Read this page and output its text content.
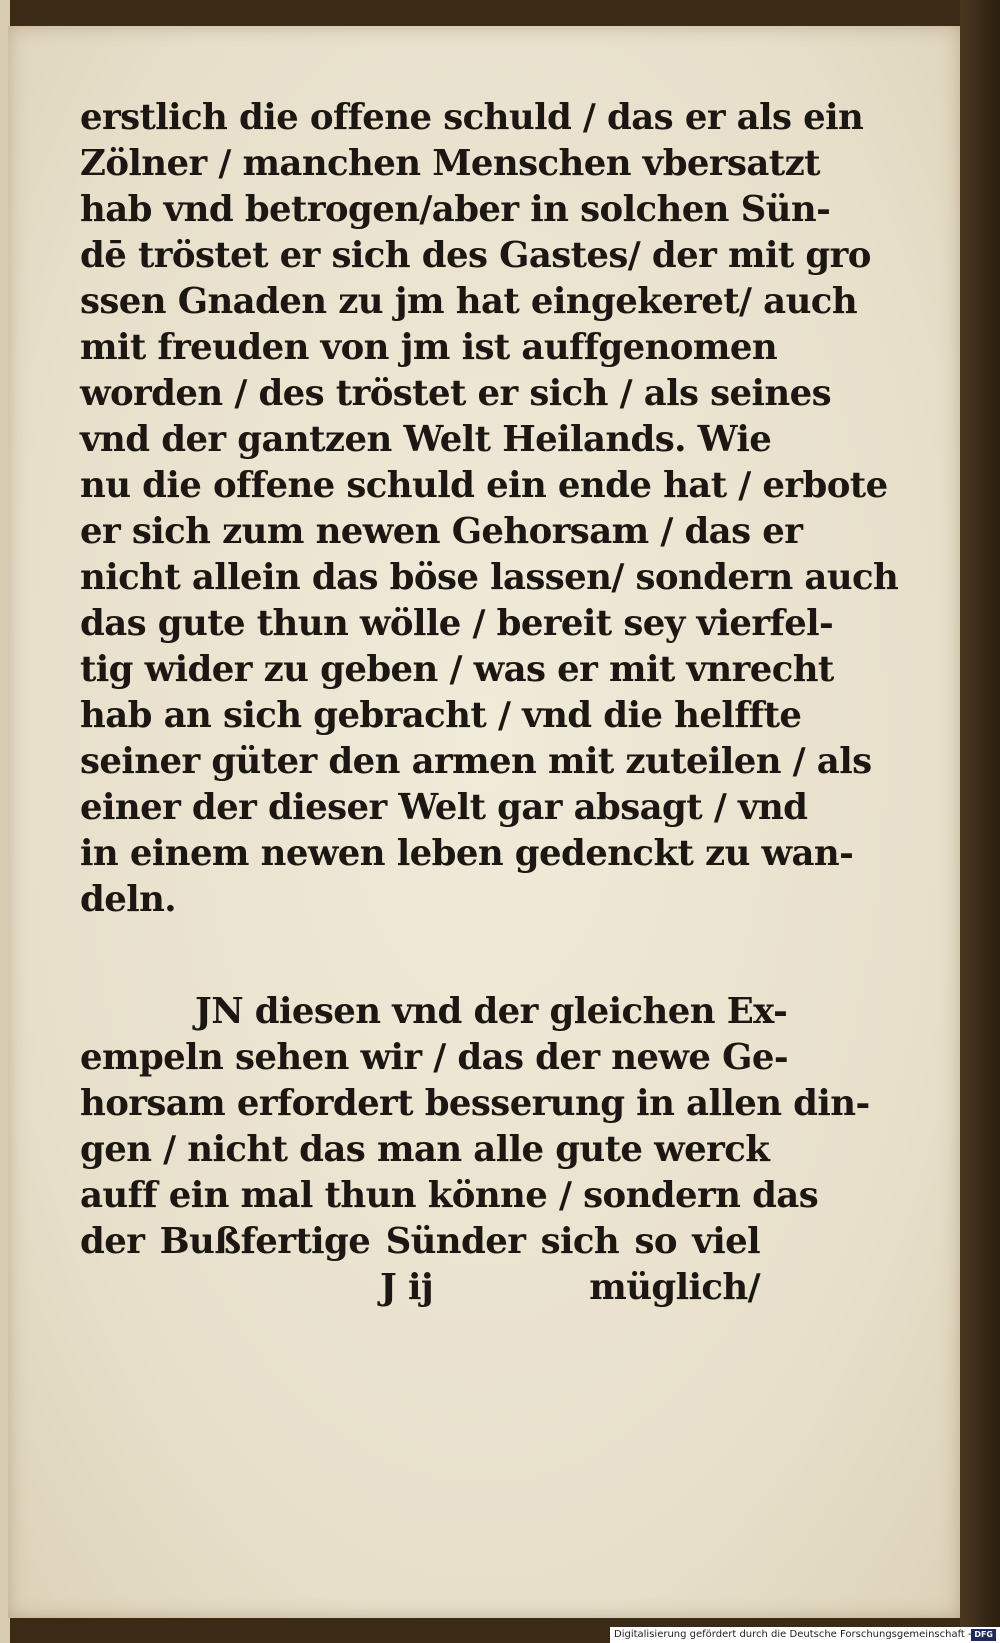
erstlich die offene schuld / das er als ein
Zölner / manchen Menschen vbersatzt
hab vnd betrogen/aber in solchen Sün-
dē tröstet er sich des Gastes/ der mit gro
ssen Gnaden zu jm hat eingekeret/ auch
mit freuden von jm ist auffgenomen
worden / des tröstet er sich / als seines
vnd der gantzen Welt Heilands. Wie
nu die offene schuld ein ende hat / erbote
er sich zum newen Gehorsam / das er
nicht allein das böse lassen/ sondern auch
das gute thun wölle / bereit sey vierfel-
tig wider zu geben / was er mit vnrecht
hab an sich gebracht / vnd die helffte
seiner güter den armen mit zuteilen / als
einer der dieser Welt gar absagt / vnd
in einem newen leben gedenckt zu wan-
deln.
JN diesen vnd der gleichen Ex-
empeln sehen wir / das der newe Ge-
horsam erfordert besserung in allen din-
gen / nicht das man alle gute werck
auff ein mal thun könne / sondern das
der Bußfertige Sünder sich so viel
J ij	müglich/
Digitalisierung gefördert durch die Deutsche Forschungsgemeinschaft - DFG
